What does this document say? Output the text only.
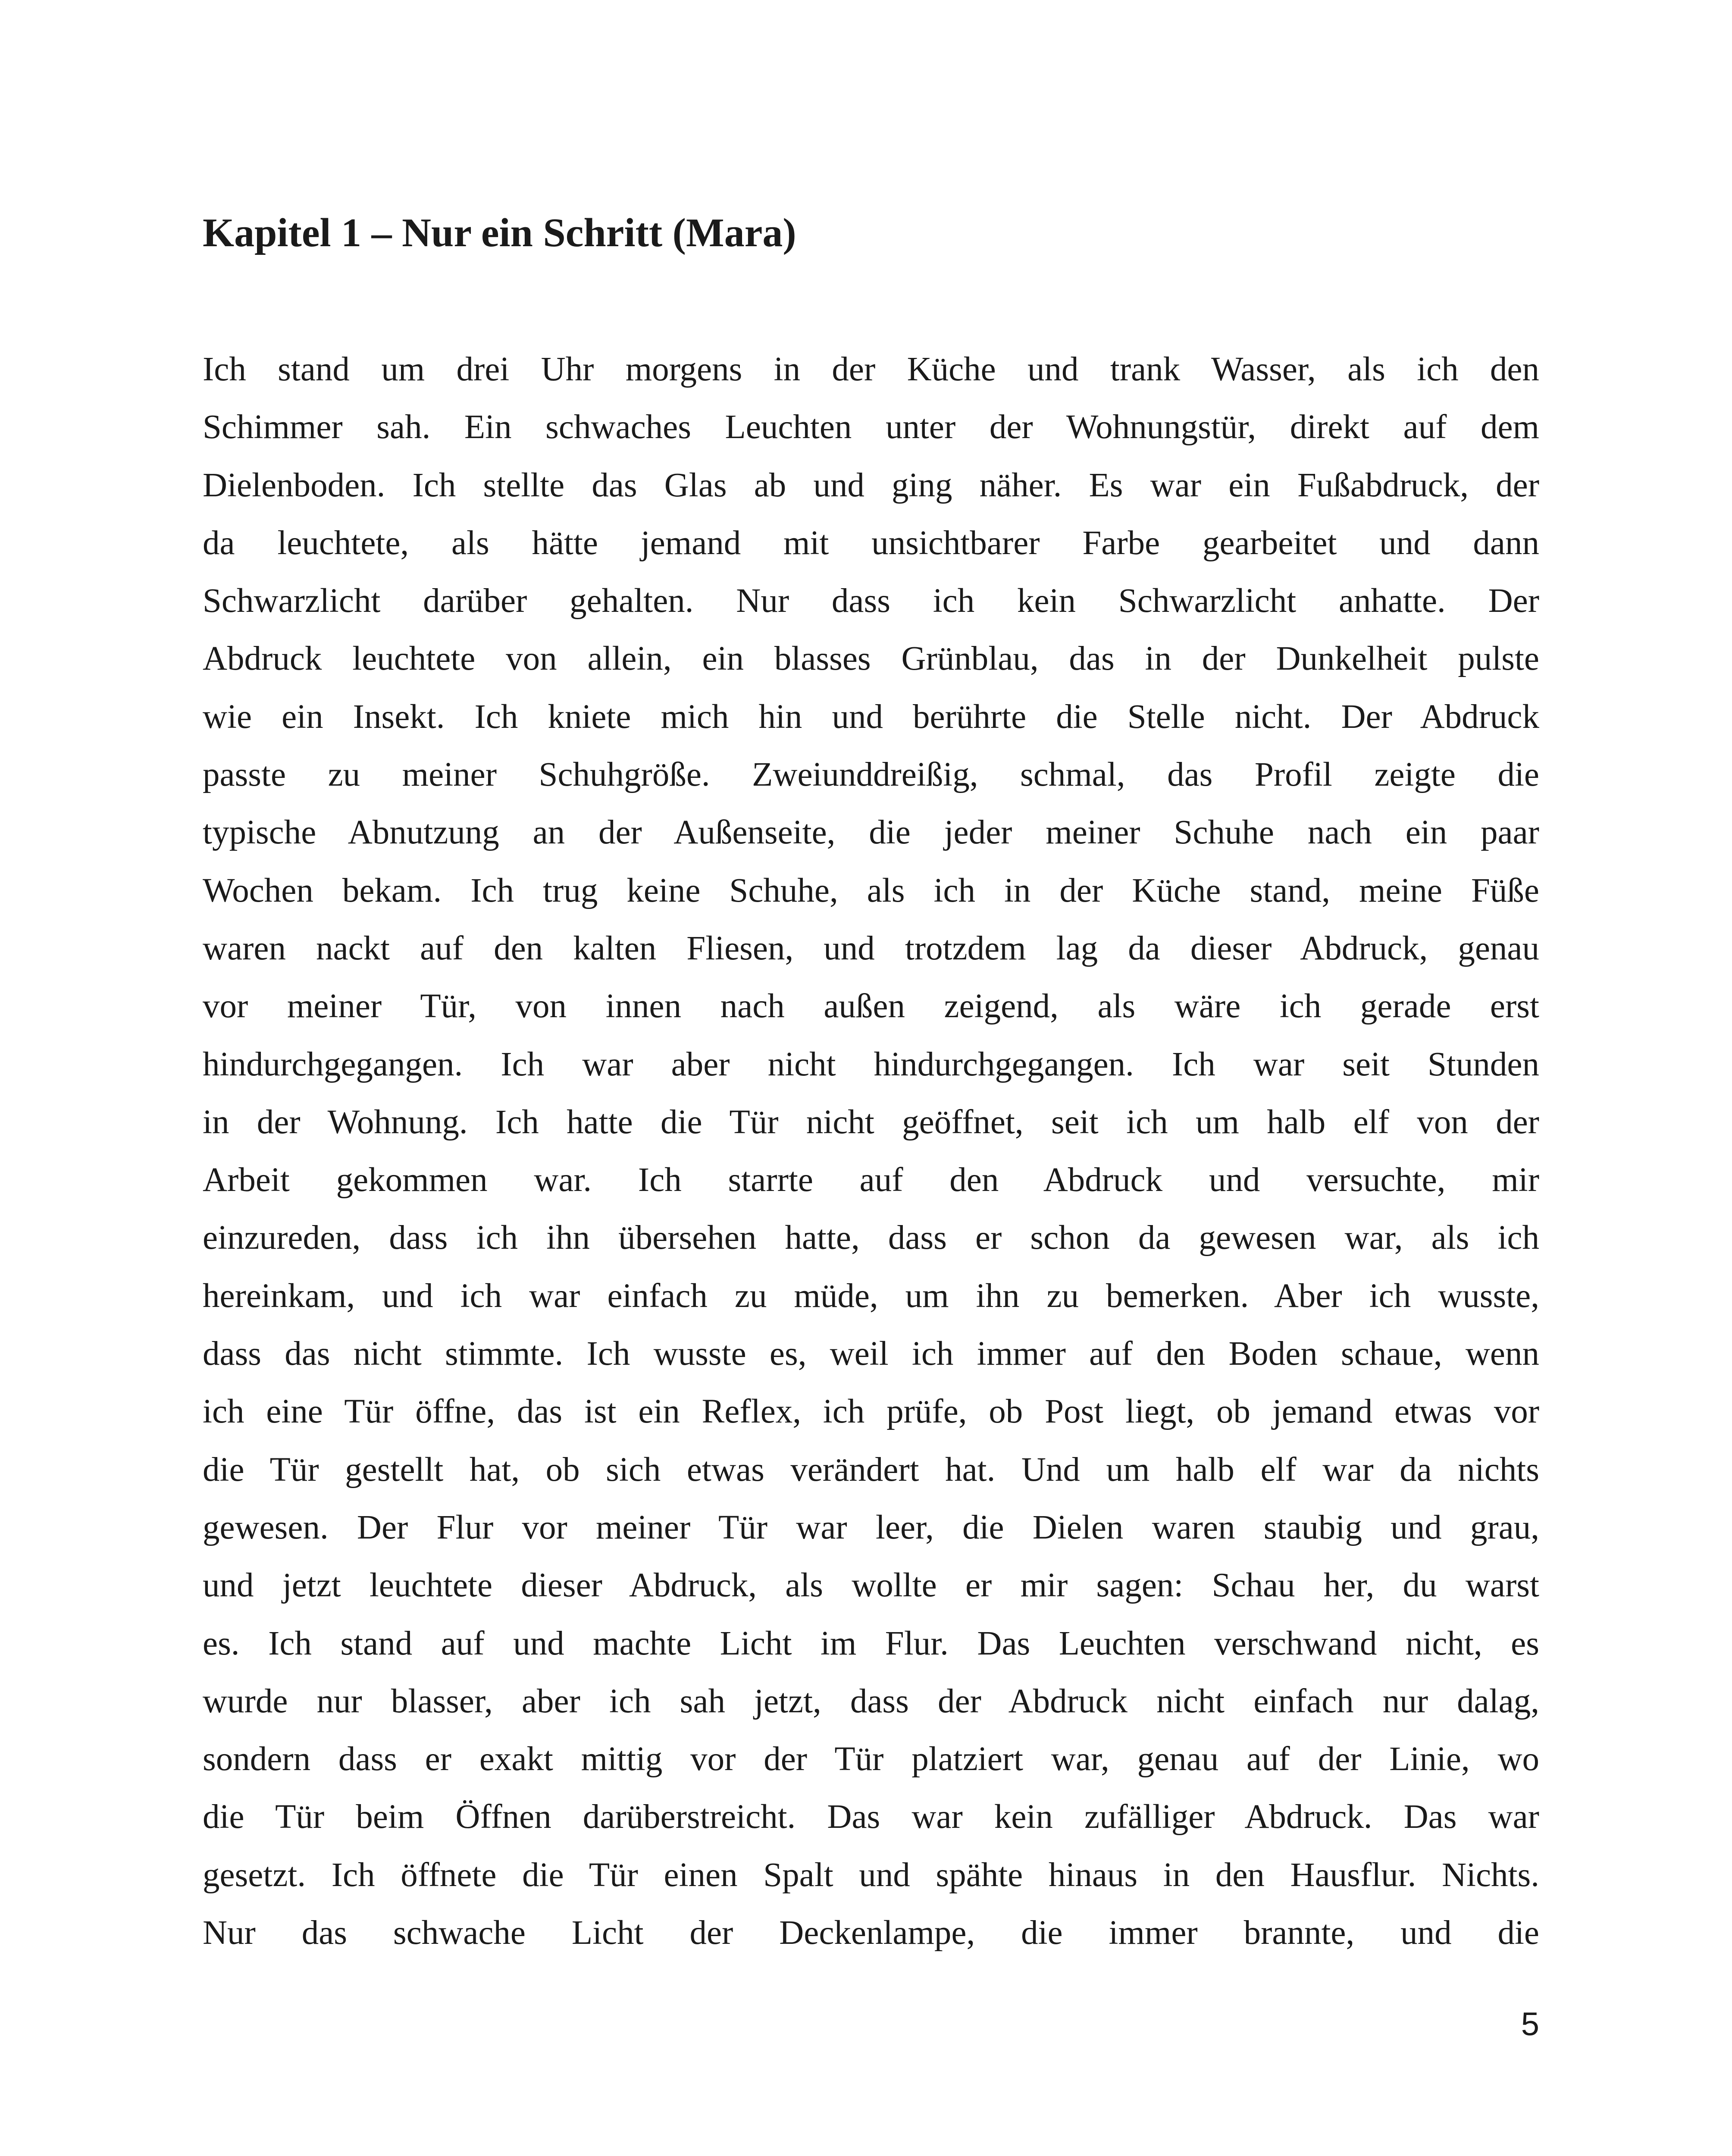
Kapitel 1 – Nur ein Schritt (Mara)
Ich stand um drei Uhr morgens in der Küche und trank Wasser, als ich den
Schimmer sah. Ein schwaches Leuchten unter der Wohnungstür, direkt auf dem
Dielenboden. Ich stellte das Glas ab und ging näher. Es war ein Fußabdruck, der
da leuchtete, als hätte jemand mit unsichtbarer Farbe gearbeitet und dann
Schwarzlicht darüber gehalten. Nur dass ich kein Schwarzlicht anhatte. Der
Abdruck leuchtete von allein, ein blasses Grünblau, das in der Dunkelheit pulste
wie ein Insekt. Ich kniete mich hin und berührte die Stelle nicht. Der Abdruck
passte zu meiner Schuhgröße. Zweiunddreißig, schmal, das Profil zeigte die
typische Abnutzung an der Außenseite, die jeder meiner Schuhe nach ein paar
Wochen bekam. Ich trug keine Schuhe, als ich in der Küche stand, meine Füße
waren nackt auf den kalten Fliesen, und trotzdem lag da dieser Abdruck, genau
vor meiner Tür, von innen nach außen zeigend, als wäre ich gerade erst
hindurchgegangen. Ich war aber nicht hindurchgegangen. Ich war seit Stunden
in der Wohnung. Ich hatte die Tür nicht geöffnet, seit ich um halb elf von der
Arbeit gekommen war. Ich starrte auf den Abdruck und versuchte, mir
einzureden, dass ich ihn übersehen hatte, dass er schon da gewesen war, als ich
hereinkam, und ich war einfach zu müde, um ihn zu bemerken. Aber ich wusste,
dass das nicht stimmte. Ich wusste es, weil ich immer auf den Boden schaue, wenn
ich eine Tür öffne, das ist ein Reflex, ich prüfe, ob Post liegt, ob jemand etwas vor
die Tür gestellt hat, ob sich etwas verändert hat. Und um halb elf war da nichts
gewesen. Der Flur vor meiner Tür war leer, die Dielen waren staubig und grau,
und jetzt leuchtete dieser Abdruck, als wollte er mir sagen: Schau her, du warst
es. Ich stand auf und machte Licht im Flur. Das Leuchten verschwand nicht, es
wurde nur blasser, aber ich sah jetzt, dass der Abdruck nicht einfach nur dalag,
sondern dass er exakt mittig vor der Tür platziert war, genau auf der Linie, wo
die Tür beim Öffnen darüberstreicht. Das war kein zufälliger Abdruck. Das war
gesetzt. Ich öffnete die Tür einen Spalt und spähte hinaus in den Hausflur. Nichts.
Nur das schwache Licht der Deckenlampe, die immer brannte, und die
5
